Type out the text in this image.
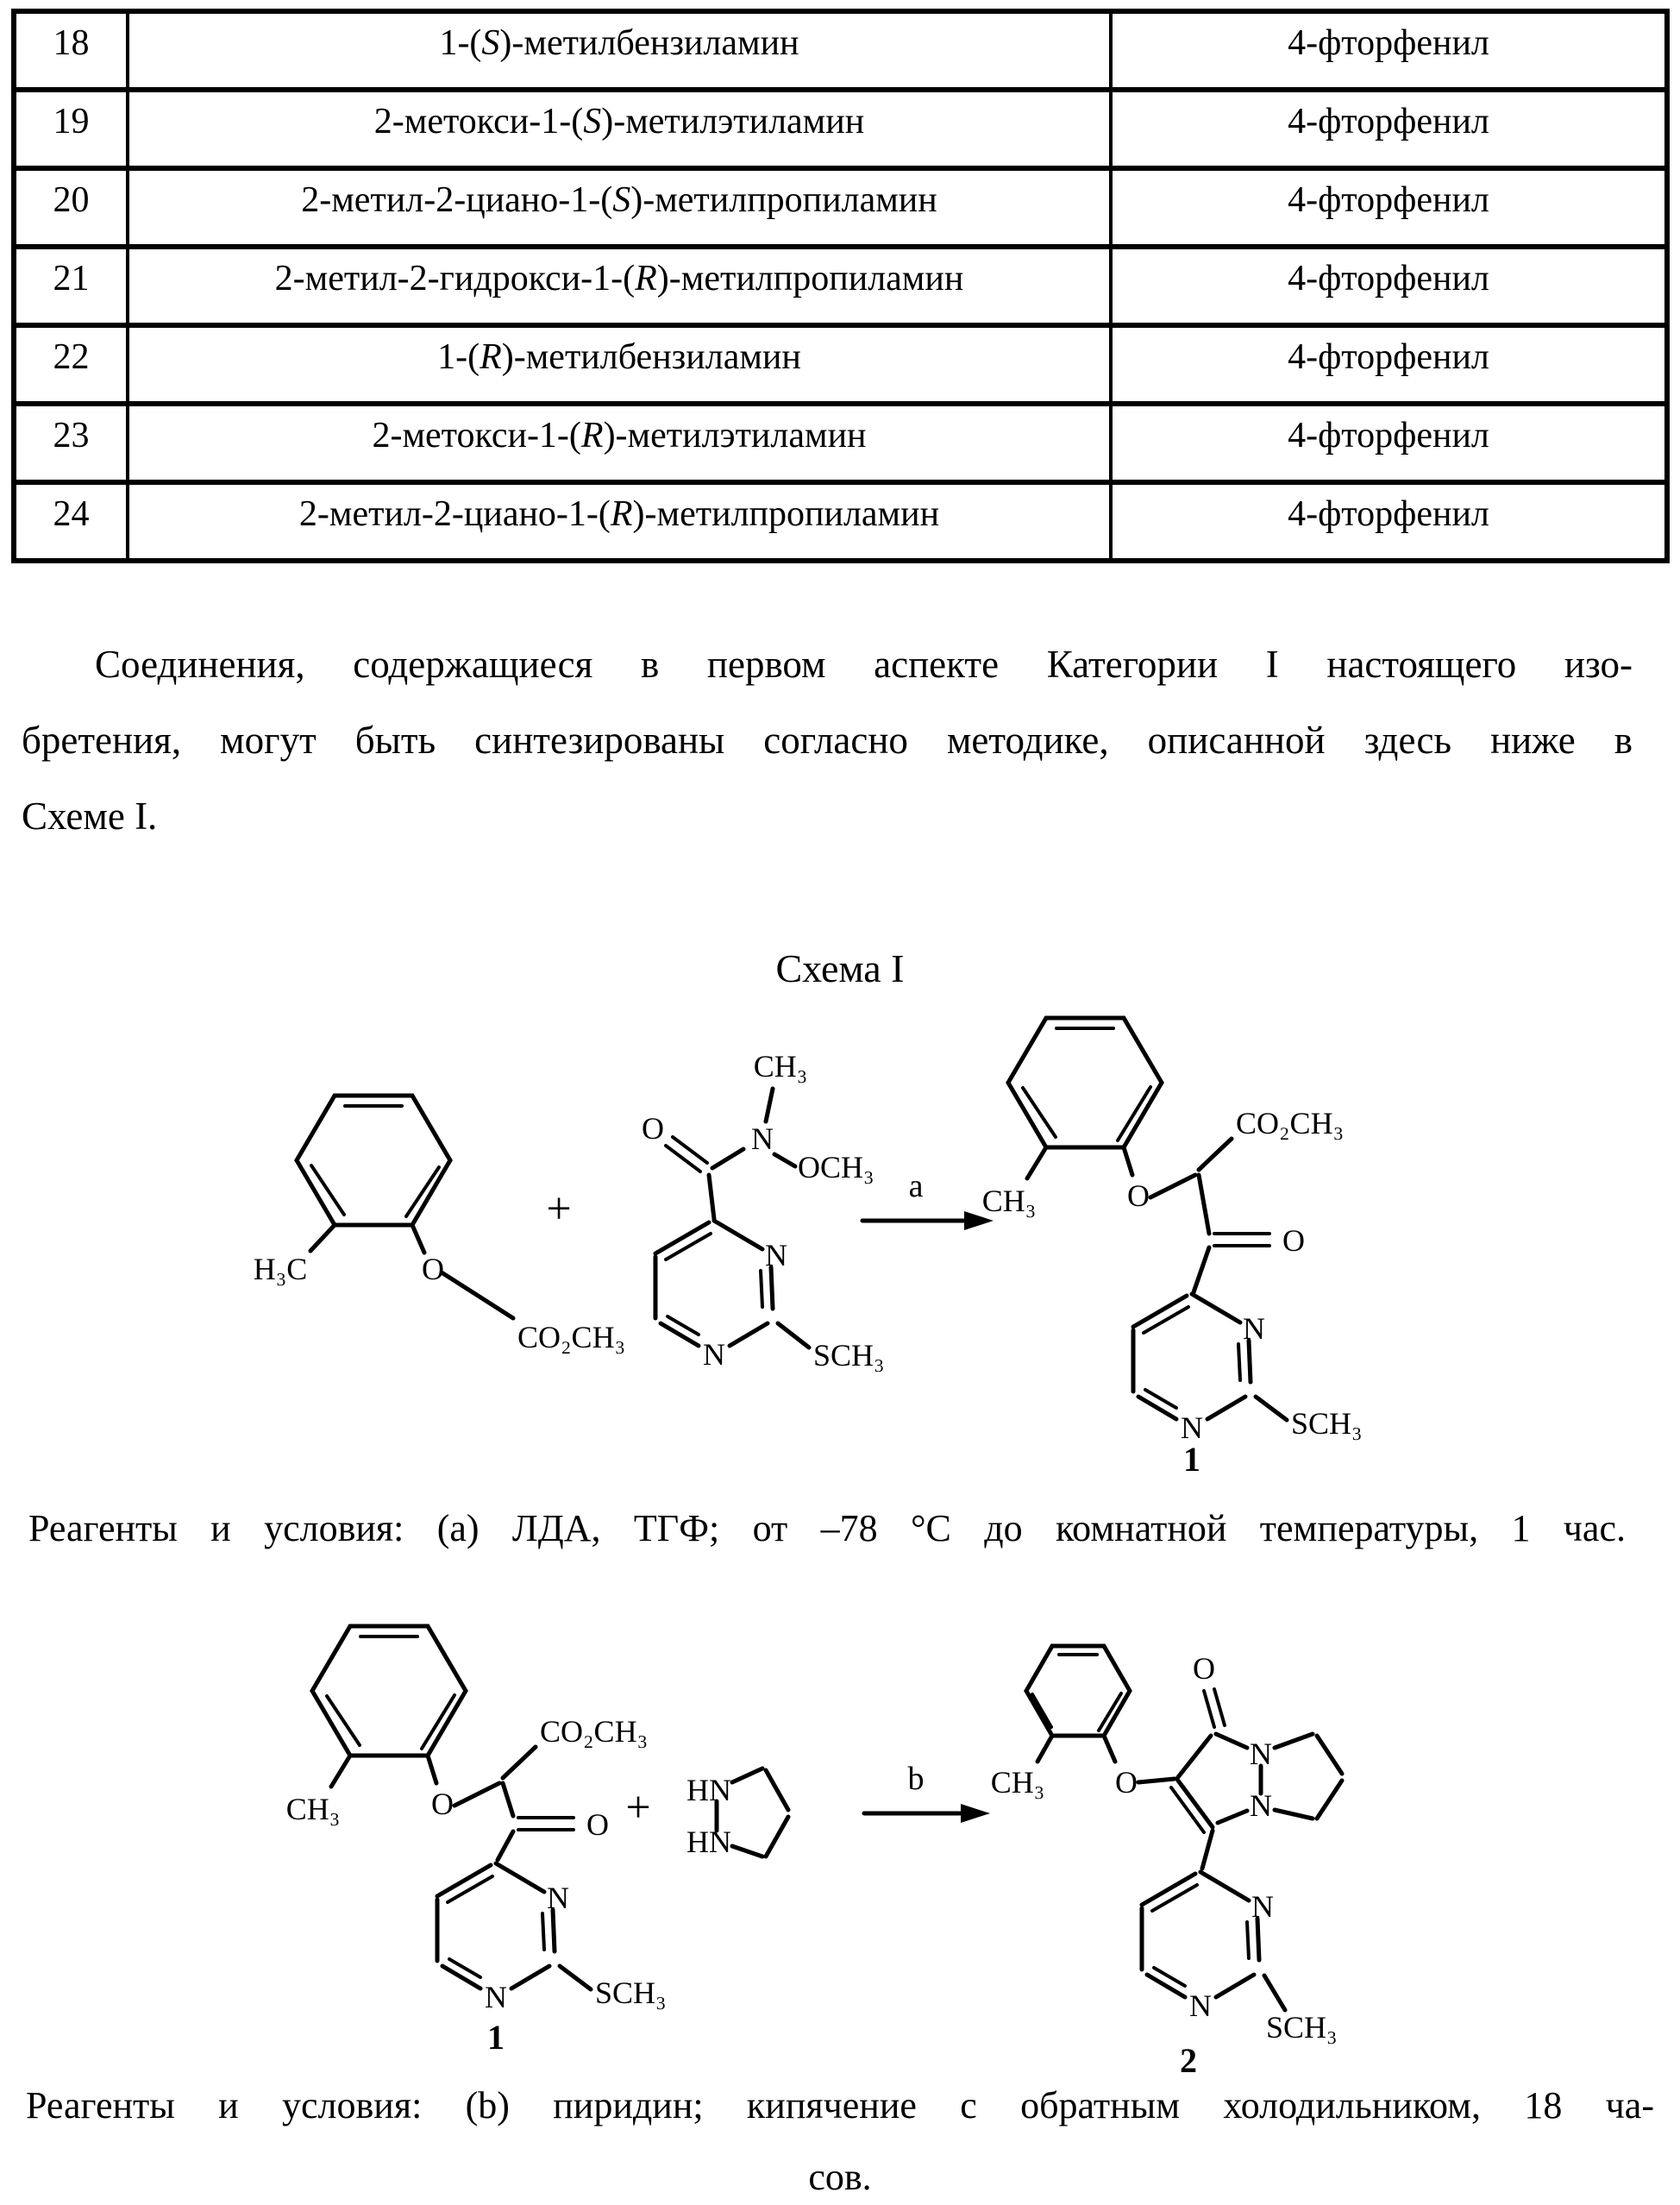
18	1-(S)-метилбензиламин	4-фторфенил
19	2-метокси-1-(S)-метилэтиламин	4-фторфенил
20	2-метил-2-циано-1-(S)-метилпропиламин	4-фторфенил
21	2-метил-2-гидрокси-1-(R)-метилпропиламин	4-фторфенил
22	1-(R)-метилбензиламин	4-фторфенил
23	2-метокси-1-(R)-метилэтиламин	4-фторфенил
24	2-метил-2-циано-1-(R)-метилпропиламин	4-фторфенил
Соединения, содержащиеся в первом аспекте Категории I настоящего изо-
бретения, могут быть синтезированы согласно методике, описанной здесь ниже в
Схеме I.
Схема I
H₃C	O
CO₂CH₃
+
CH₃
N
OCH₃
O
N
N	SCH₃
a CH₃	O
CO₂CH₃
O
N
N	SCH₃
1
Реагенты и условия: (a) ЛДА, ТГФ; от –78 °С до комнатной температуры, 1 час.
CH₃	O
CO₂CH₃
O
N
N	SCH₃
1
+ HN
HN
b CH₃ O
O
N
N
N
N
SCH₃
2
Реагенты и условия: (b) пиридин; кипячение с обратным холодильником, 18 ча-
сов.
